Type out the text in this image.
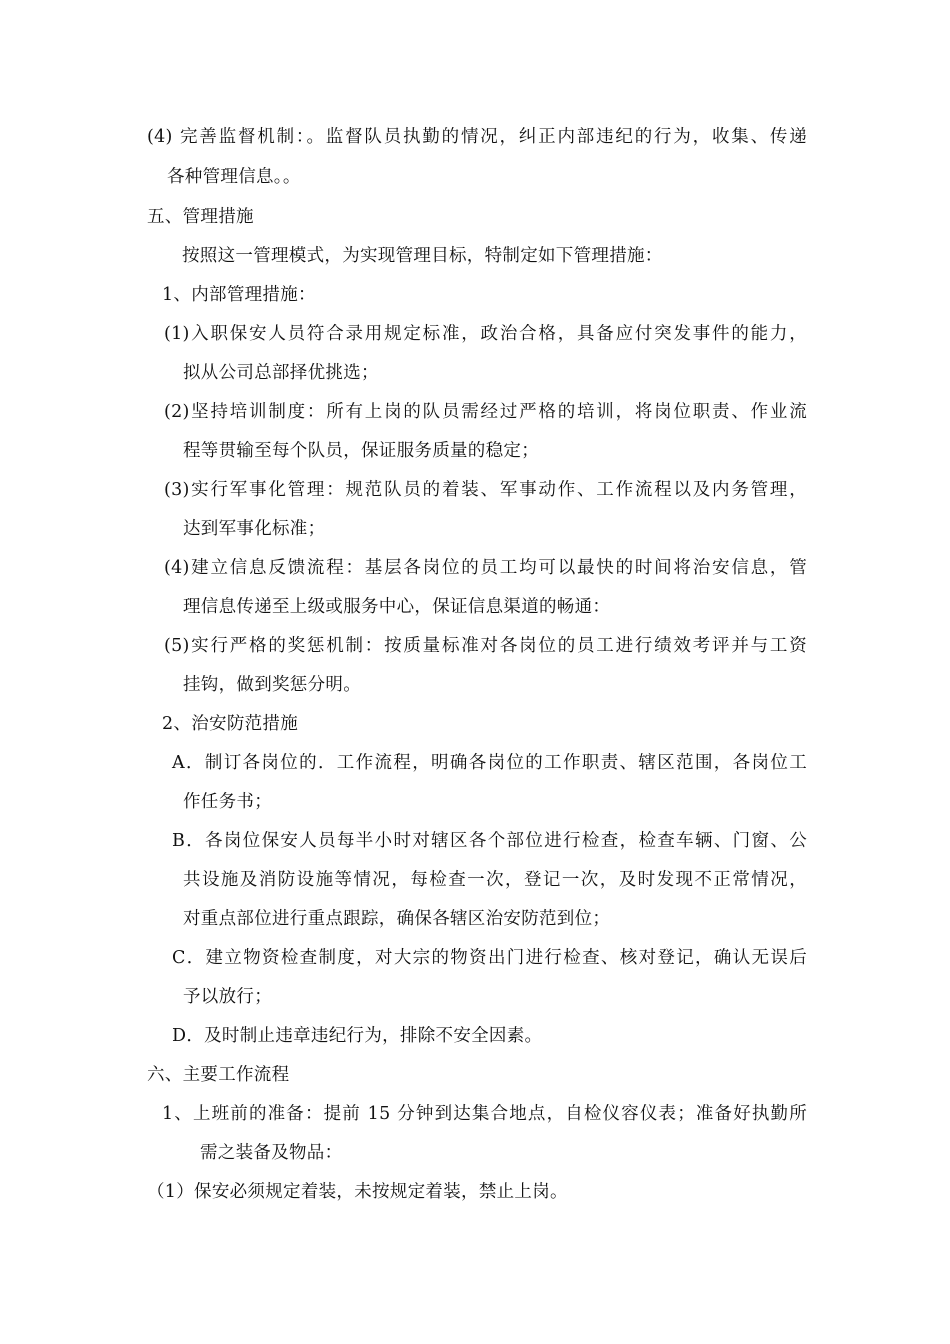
(4) 完善监督机制：。监督队员执勤的情况，纠正内部违纪的行为，收集、传递
各种管理信息。。
五、管理措施
按照这一管理模式，为实现管理目标，特制定如下管理措施：
1、内部管理措施：
(1)入职保安人员符合录用规定标准，政治合格，具备应付突发事件的能力，
拟从公司总部择优挑选；
(2)坚持培训制度：所有上岗的队员需经过严格的培训，将岗位职责、作业流
程等贯输至每个队员，保证服务质量的稳定；
(3)实行军事化管理：规范队员的着装、军事动作、工作流程以及内务管理，
达到军事化标准；
(4)建立信息反馈流程：基层各岗位的员工均可以最快的时间将治安信息，管
理信息传递至上级或服务中心，保证信息渠道的畅通：
(5)实行严格的奖惩机制：按质量标准对各岗位的员工进行绩效考评并与工资
挂钩，做到奖惩分明。
2、治安防范措施
A．制订各岗位的．工作流程，明确各岗位的工作职责、辖区范围，各岗位工
作任务书；
B．各岗位保安人员每半小时对辖区各个部位进行检查，检查车辆、门窗、公
共设施及消防设施等情况，每检查一次，登记一次，及时发现不正常情况，
对重点部位进行重点跟踪，确保各辖区治安防范到位；
C．建立物资检查制度，对大宗的物资出门进行检查、核对登记，确认无误后
予以放行；
D．及时制止违章违纪行为，排除不安全因素。
六、主要工作流程
1、上班前的准备：提前 15 分钟到达集合地点，自检仪容仪表；准备好执勤所
需之装备及物品：
（1）保安必须规定着装，未按规定着装，禁止上岗。
